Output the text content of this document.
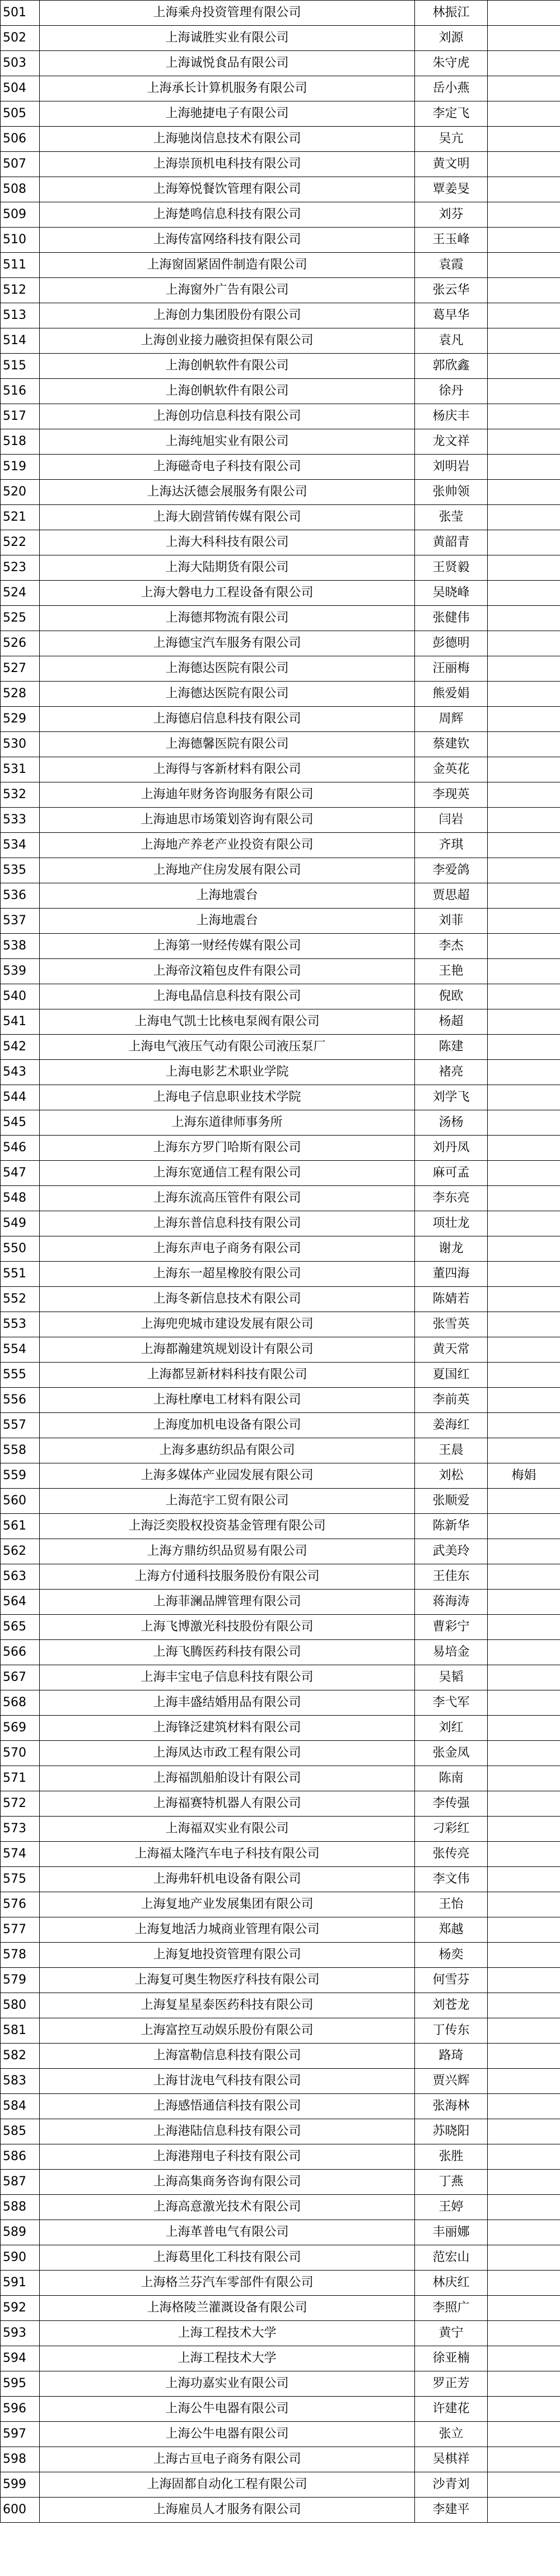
501	上海乘舟投资管理有限公司	林振江	
502	上海诚胜实业有限公司	刘源	
503	上海诚悦食品有限公司	朱守虎	
504	上海承长计算机服务有限公司	岳小燕	
505	上海驰捷电子有限公司	李定飞	
506	上海驰岗信息技术有限公司	吴亢	
507	上海崇顶机电科技有限公司	黄文明	
508	上海筹悦餐饮管理有限公司	覃姜旻	
509	上海楚鸣信息科技有限公司	刘芬	
510	上海传富网络科技有限公司	王玉峰	
511	上海窗固紧固件制造有限公司	袁霞	
512	上海窗外广告有限公司	张云华	
513	上海创力集团股份有限公司	葛早华	
514	上海创业接力融资担保有限公司	袁凡	
515	上海创帆软件有限公司	郭欣鑫	
516	上海创帆软件有限公司	徐丹	
517	上海创功信息科技有限公司	杨庆丰	
518	上海纯旭实业有限公司	龙文祥	
519	上海磁奇电子科技有限公司	刘明岩	
520	上海达沃德会展服务有限公司	张帅领	
521	上海大剧营销传媒有限公司	张莹	
522	上海大科科技有限公司	黄韶青	
523	上海大陆期货有限公司	王贤毅	
524	上海大磐电力工程设备有限公司	吴晓峰	
525	上海德邦物流有限公司	张健伟	
526	上海德宝汽车服务有限公司	彭德明	
527	上海德达医院有限公司	汪丽梅	
528	上海德达医院有限公司	熊爱娟	
529	上海德启信息科技有限公司	周辉	
530	上海德馨医院有限公司	蔡建钦	
531	上海得与客新材料有限公司	金英花	
532	上海迪年财务咨询服务有限公司	李现英	
533	上海迪思市场策划咨询有限公司	闫岩	
534	上海地产养老产业投资有限公司	齐琪	
535	上海地产住房发展有限公司	李爱鸽	
536	上海地震台	贾思超	
537	上海地震台	刘菲	
538	上海第一财经传媒有限公司	李杰	
539	上海帝汶箱包皮件有限公司	王艳	
540	上海电晶信息科技有限公司	倪欧	
541	上海电气凯士比核电泵阀有限公司	杨超	
542	上海电气液压气动有限公司液压泵厂	陈建	
543	上海电影艺术职业学院	褚亮	
544	上海电子信息职业技术学院	刘学飞	
545	上海东道律师事务所	汤杨	
546	上海东方罗门哈斯有限公司	刘丹凤	
547	上海东宽通信工程有限公司	麻可孟	
548	上海东流高压管件有限公司	李东亮	
549	上海东普信息科技有限公司	项壮龙	
550	上海东声电子商务有限公司	谢龙	
551	上海东一超星橡胶有限公司	董四海	
552	上海冬新信息技术有限公司	陈婧若	
553	上海兜兜城市建设发展有限公司	张雪英	
554	上海都瀚建筑规划设计有限公司	黄天常	
555	上海都昱新材料科技有限公司	夏国红	
556	上海杜摩电工材料有限公司	李前英	
557	上海度加机电设备有限公司	姜海红	
558	上海多惠纺织品有限公司	王晨	
559	上海多媒体产业园发展有限公司	刘松	梅娟
560	上海范宇工贸有限公司	张顺爱	
561	上海泛奕股权投资基金管理有限公司	陈新华	
562	上海方鼎纺织品贸易有限公司	武美玲	
563	上海方付通科技服务股份有限公司	王佳东	
564	上海菲澜品牌管理有限公司	蒋海涛	
565	上海飞博激光科技股份有限公司	曹彩宁	
566	上海飞腾医药科技有限公司	易培金	
567	上海丰宝电子信息科技有限公司	吴韬	
568	上海丰盛结婚用品有限公司	李弋军	
569	上海锋泛建筑材料有限公司	刘红	
570	上海凤达市政工程有限公司	张金凤	
571	上海福凯船舶设计有限公司	陈南	
572	上海福赛特机器人有限公司	李传强	
573	上海福双实业有限公司	刁彩红	
574	上海福太隆汽车电子科技有限公司	张传亮	
575	上海弗轩机电设备有限公司	李文伟	
576	上海复地产业发展集团有限公司	王怡	
577	上海复地活力城商业管理有限公司	郑越	
578	上海复地投资管理有限公司	杨奕	
579	上海复可奥生物医疗科技有限公司	何雪芬	
580	上海复星星泰医药科技有限公司	刘苍龙	
581	上海富控互动娱乐股份有限公司	丁传东	
582	上海富勒信息科技有限公司	路琦	
583	上海甘泷电气科技有限公司	贾兴辉	
584	上海感悟通信科技有限公司	张海林	
585	上海港陆信息科技有限公司	苏晓阳	
586	上海港翔电子科技有限公司	张胜	
587	上海高集商务咨询有限公司	丁燕	
588	上海高意激光技术有限公司	王婷	
589	上海革普电气有限公司	丰丽娜	
590	上海葛里化工科技有限公司	范宏山	
591	上海格兰芬汽车零部件有限公司	林庆红	
592	上海格陵兰灌溉设备有限公司	李照广	
593	上海工程技术大学	黄宁	
594	上海工程技术大学	徐亚楠	
595	上海功嘉实业有限公司	罗正芳	
596	上海公牛电器有限公司	许建花	
597	上海公牛电器有限公司	张立	
598	上海古亘电子商务有限公司	吴棋祥	
599	上海固都自动化工程有限公司	沙青刘	
600	上海雇员人才服务有限公司	李建平	
